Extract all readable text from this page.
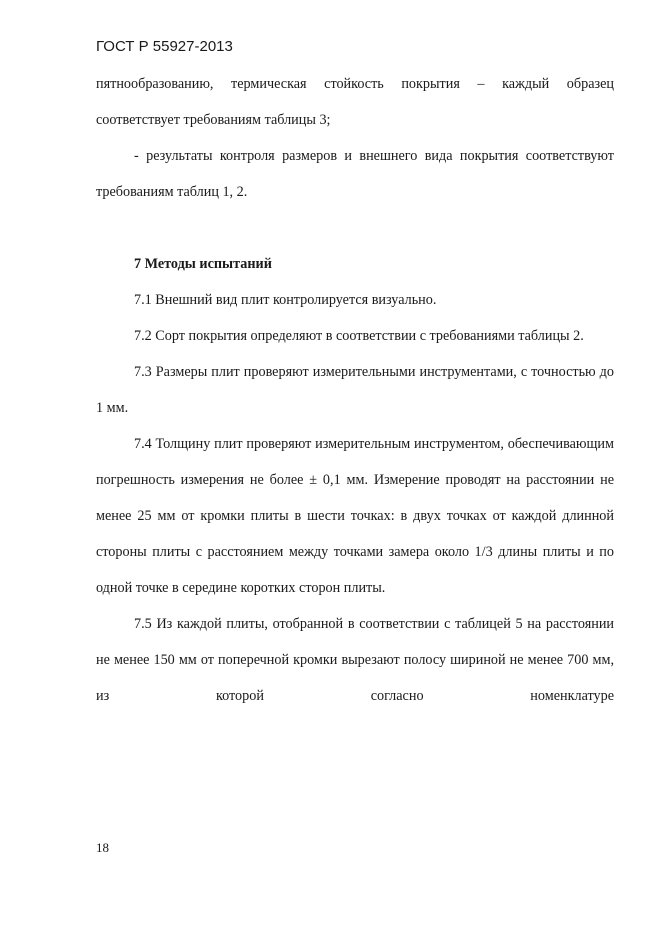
ГОСТ Р 55927-2013

пятнообразованию, термическая стойкость покрытия – каждый образец соответствует требованиям таблицы 3;

- результаты контроля размеров и внешнего вида покрытия соответствуют требованиям таблиц 1, 2.

7 Методы испытаний

7.1 Внешний вид плит контролируется визуально.

7.2 Сорт покрытия определяют в соответствии с требованиями таблицы 2.

7.3 Размеры плит проверяют измерительными инструментами, с точностью до 1 мм.

7.4 Толщину плит проверяют измерительным инструментом, обеспечивающим погрешность измерения не более ± 0,1 мм. Измерение проводят на расстоянии не менее 25 мм от кромки плиты в шести точках: в двух точках от каждой длинной стороны плиты с расстоянием между точками замера около 1/3 длины плиты и по одной точке в середине коротких сторон плиты.

7.5 Из каждой плиты, отобранной в соответствии с таблицей 5 на расстоянии не менее 150 мм от поперечной кромки вырезают полосу шириной не менее 700 мм, из которой согласно номенклатуре

18
